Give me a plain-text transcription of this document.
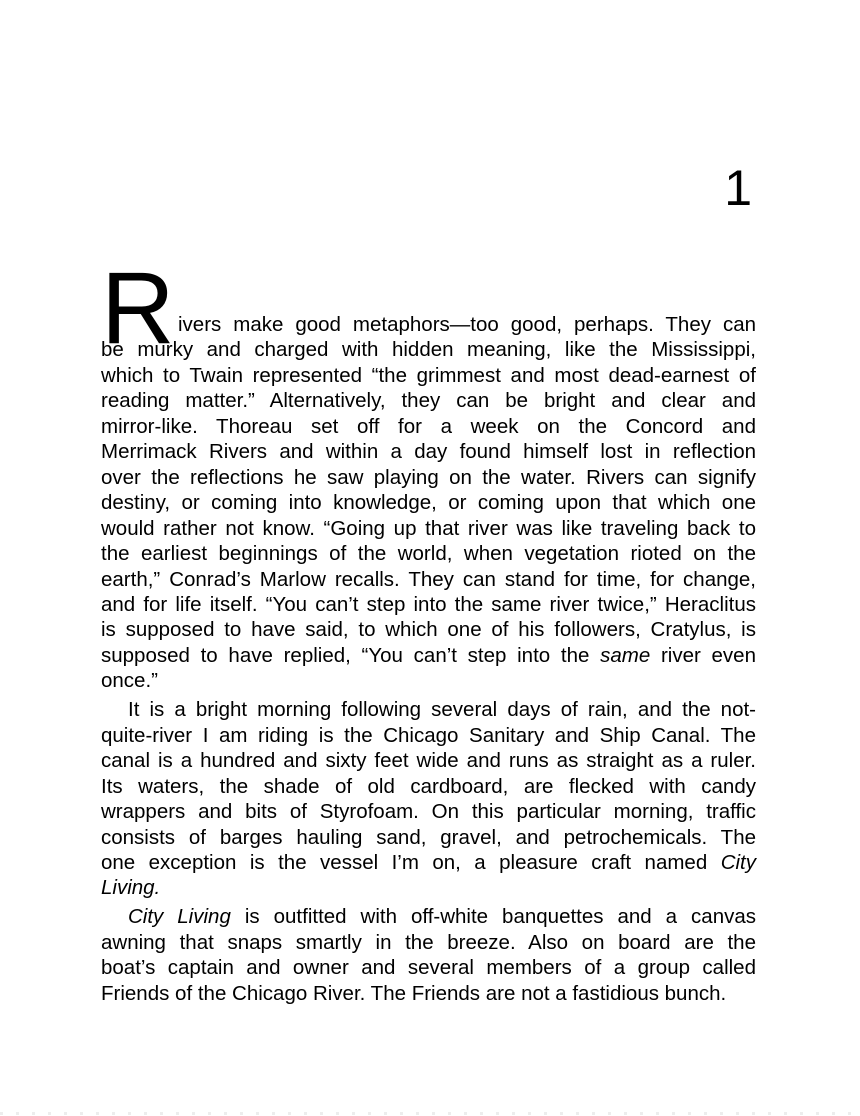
1
R ivers make good metaphors—too good, perhaps. They can
be murky and charged with hidden meaning, like the Mississippi,
which to Twain represented “the grimmest and most dead-earnest of
reading matter.” Alternatively, they can be bright and clear and
mirror-like. Thoreau set off for a week on the Concord and
Merrimack Rivers and within a day found himself lost in reflection
over the reflections he saw playing on the water. Rivers can signify
destiny, or coming into knowledge, or coming upon that which one
would rather not know. “Going up that river was like traveling back to
the earliest beginnings of the world, when vegetation rioted on the
earth,” Conrad’s Marlow recalls. They can stand for time, for change,
and for life itself. “You can’t step into the same river twice,” Heraclitus
is supposed to have said, to which one of his followers, Cratylus, is
supposed to have replied, “You can’t step into the same river even
once.”
It is a bright morning following several days of rain, and the not-
quite-river I am riding is the Chicago Sanitary and Ship Canal. The
canal is a hundred and sixty feet wide and runs as straight as a ruler.
Its waters, the shade of old cardboard, are flecked with candy
wrappers and bits of Styrofoam. On this particular morning, traffic
consists of barges hauling sand, gravel, and petrochemicals. The
one exception is the vessel I’m on, a pleasure craft named City
Living.
City Living is outfitted with off-white banquettes and a canvas
awning that snaps smartly in the breeze. Also on board are the
boat’s captain and owner and several members of a group called
Friends of the Chicago River. The Friends are not a fastidious bunch.
